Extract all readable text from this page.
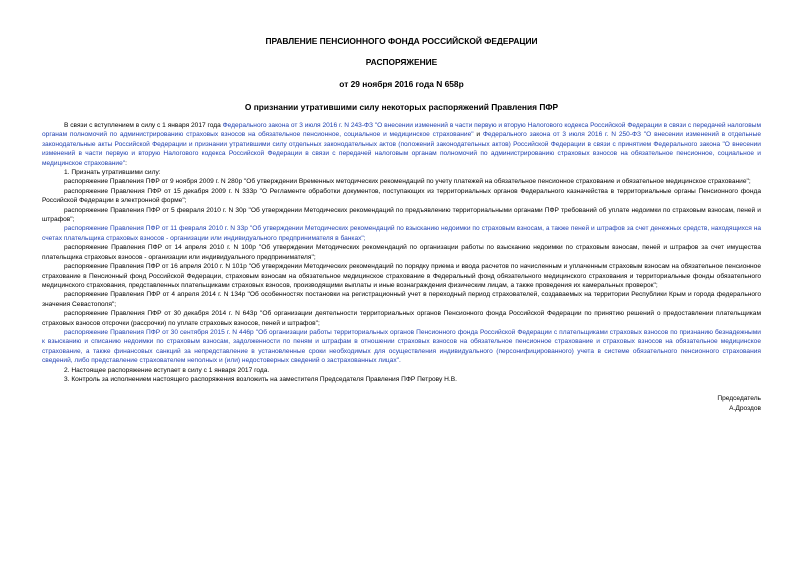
ПРАВЛЕНИЕ ПЕНСИОННОГО ФОНДА РОССИЙСКОЙ ФЕДЕРАЦИИ
РАСПОРЯЖЕНИЕ
от 29 ноября 2016 года N 658р
О признании утратившими силу некоторых распоряжений Правления ПФР

В связи с вступлением в силу с 1 января 2017 года Федерального закона от 3 июля 2016 г. N 243-ФЗ "О внесении изменений в части первую и вторую Налогового кодекса Российской Федерации в связи с передачей налоговым органам полномочий по администрированию страховых взносов на обязательное пенсионное, социальное и медицинское страхование" и Федерального закона от 3 июля 2016 г. N 250-ФЗ "О внесении изменений в отдельные законодательные акты Российской Федерации и признании утратившими силу отдельных законодательных актов (положений законодательных актов) Российской Федерации в связи с принятием Федерального закона "О внесении изменений в части первую и вторую Налогового кодекса Российской Федерации в связи с передачей налоговым органам полномочий по администрированию страховых взносов на обязательное пенсионное, социальное и медицинское страхование":

1. Признать утратившими силу:

распоряжение Правления ПФР от 9 ноября 2009 г. N 280р "Об утверждении Временных методических рекомендаций по учету платежей на обязательное пенсионное страхование и обязательное медицинское страхование";

распоряжение Правления ПФР от 15 декабря 2009 г. N 333р "О Регламенте обработки документов, поступающих из территориальных органов Федерального казначейства в территориальные органы Пенсионного фонда Российской Федерации в электронной форме";

распоряжение Правления ПФР от 5 февраля 2010 г. N 30р "Об утверждении Методических рекомендаций по предъявлению территориальными органами ПФР требований об уплате недоимки по страховым взносам, пеней и штрафов";

распоряжение Правления ПФР от 11 февраля 2010 г. N 33р "Об утверждении Методических рекомендаций по взысканию недоимки по страховым взносам, а также пеней и штрафов за счет денежных средств, находящихся на счетах плательщика страховых взносов - организации или индивидуального предпринимателя в банках";

распоряжение Правления ПФР от 14 апреля 2010 г. N 100р "Об утверждении Методических рекомендаций по организации работы по взысканию недоимки по страховым взносам, пеней и штрафов за счет имущества плательщика страховых взносов - организации или индивидуального предпринимателя";

распоряжение Правления ПФР от 16 апреля 2010 г. N 101р "Об утверждении Методических рекомендаций по порядку приема и ввода расчетов по начисленным и уплаченным страховым взносам на обязательное пенсионное страхование в Пенсионный фонд Российской Федерации, страховым взносам на обязательное медицинское страхование в Федеральный фонд обязательного медицинского страхования и территориальные фонды обязательного медицинского страхования, представленных плательщиками страховых взносов, производящими выплаты и иные вознаграждения физическим лицам, а также проведения их камеральных проверок";

распоряжение Правления ПФР от 4 апреля 2014 г. N 134р "Об особенностях постановки на регистрационный учет в переходный период страхователей, создаваемых на территории Республики Крым и города федерального значения Севастополя";

распоряжение Правления ПФР от 30 декабря 2014 г. N 643р "Об организации деятельности территориальных органов Пенсионного фонда Российской Федерации по принятию решений о предоставлении плательщикам страховых взносов отсрочки (рассрочки) по уплате страховых взносов, пеней и штрафов";

распоряжение Правления ПФР от 30 сентября 2015 г. N 446р "Об организации работы территориальных органов Пенсионного фонда Российской Федерации с плательщиками страховых взносов по признанию безнадежными к взысканию и списанию недоимки по страховым взносам, задолженности по пеням и штрафам в отношении страховых взносов на обязательное пенсионное страхование и страховых взносов на обязательное медицинское страхование, а также финансовых санкций за непредставление в установленные сроки необходимых для осуществления индивидуального (персонифицированного) учета в системе обязательного пенсионного страхования сведений, либо представление страхователем неполных и (или) недостоверных сведений о застрахованных лицах".

2. Настоящее распоряжение вступает в силу с 1 января 2017 года.

3. Контроль за исполнением настоящего распоряжения возложить на заместителя Председателя Правления ПФР Петрову Н.В.

Председатель
А.Дроздов
